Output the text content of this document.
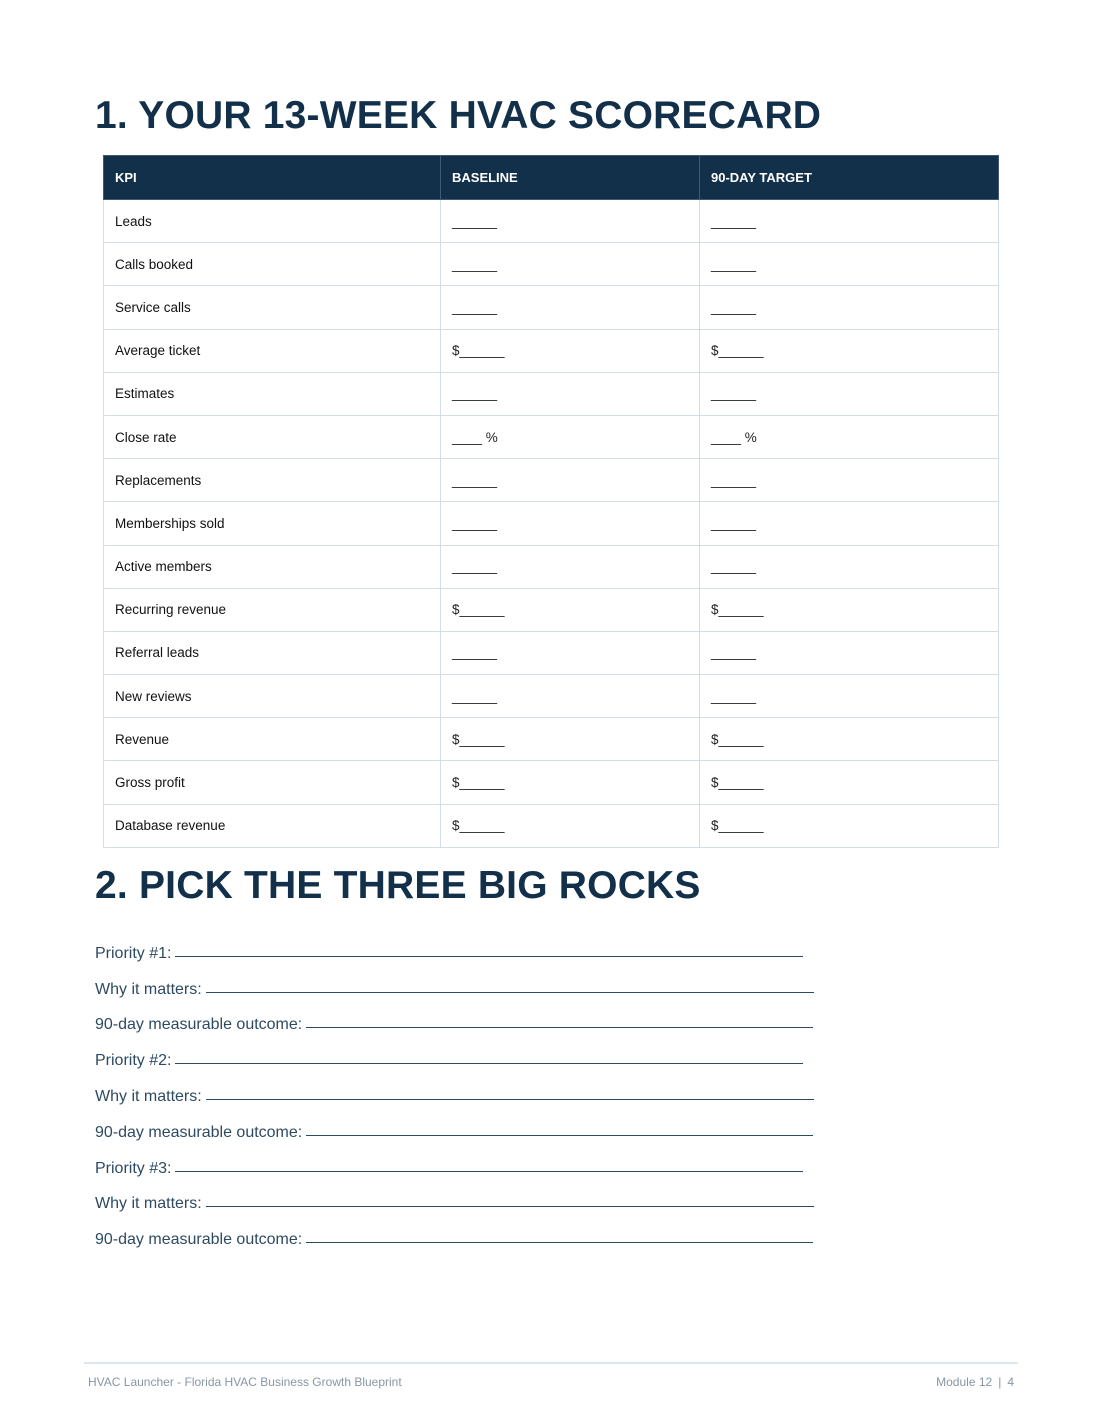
1. YOUR 13-WEEK HVAC SCORECARD
KPI	BASELINE	90-DAY TARGET
Leads	______	______
Calls booked	______	______
Service calls	______	______
Average ticket	$______	$______
Estimates	______	______
Close rate	____ %	____ %
Replacements	______	______
Memberships sold	______	______
Active members	______	______
Recurring revenue	$______	$______
Referral leads	______	______
New reviews	______	______
Revenue	$______	$______
Gross profit	$______	$______
Database revenue	$______	$______
2. PICK THE THREE BIG ROCKS
Priority #1:
Why it matters:
90-day measurable outcome:
Priority #2:
Why it matters:
90-day measurable outcome:
Priority #3:
Why it matters:
90-day measurable outcome:
HVAC Launcher - Florida HVAC Business Growth Blueprint	Module 12 | 4
